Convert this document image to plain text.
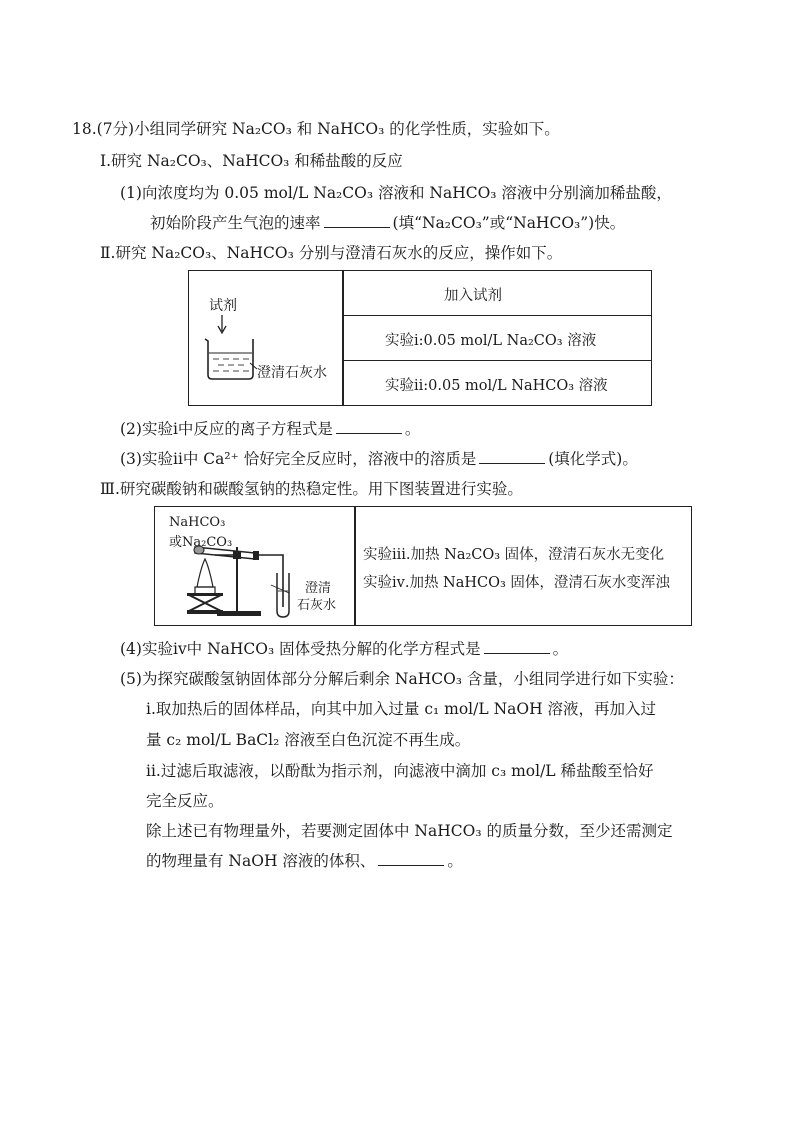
18.(7分)小组同学研究 Na₂CO₃ 和 NaHCO₃ 的化学性质，实验如下。
Ⅰ.研究 Na₂CO₃、NaHCO₃ 和稀盐酸的反应
(1)向浓度均为 0.05 mol/L Na₂CO₃ 溶液和 NaHCO₃ 溶液中分别滴加稀盐酸，
初始阶段产生气泡的速率	(填“Na₂CO₃”或“NaHCO₃”)快。
Ⅱ.研究 Na₂CO₃、NaHCO₃ 分别与澄清石灰水的反应，操作如下。
试剂
澄清石灰水
加入试剂
实验ⅰ:0.05 mol/L Na₂CO₃ 溶液
实验ⅱ:0.05 mol/L NaHCO₃ 溶液
(2)实验ⅰ中反应的离子方程式是	。
(3)实验ⅱ中 Ca²⁺ 恰好完全反应时，溶液中的溶质是	(填化学式)。
Ⅲ.研究碳酸钠和碳酸氢钠的热稳定性。用下图装置进行实验。
NaHCO₃
或Na₂CO₃
澄清
石灰水
实验ⅲ.加热 Na₂CO₃ 固体，澄清石灰水无变化
实验ⅳ.加热 NaHCO₃ 固体，澄清石灰水变浑浊
(4)实验ⅳ中 NaHCO₃ 固体受热分解的化学方程式是	。
(5)为探究碳酸氢钠固体部分分解后剩余 NaHCO₃ 含量，小组同学进行如下实验：
ⅰ.取加热后的固体样品，向其中加入过量 c₁ mol/L NaOH 溶液，再加入过
量 c₂ mol/L BaCl₂ 溶液至白色沉淀不再生成。
ⅱ.过滤后取滤液，以酚酞为指示剂，向滤液中滴加 c₃ mol/L 稀盐酸至恰好
完全反应。
除上述已有物理量外，若要测定固体中 NaHCO₃ 的质量分数，至少还需测定
的物理量有 NaOH 溶液的体积、	。
